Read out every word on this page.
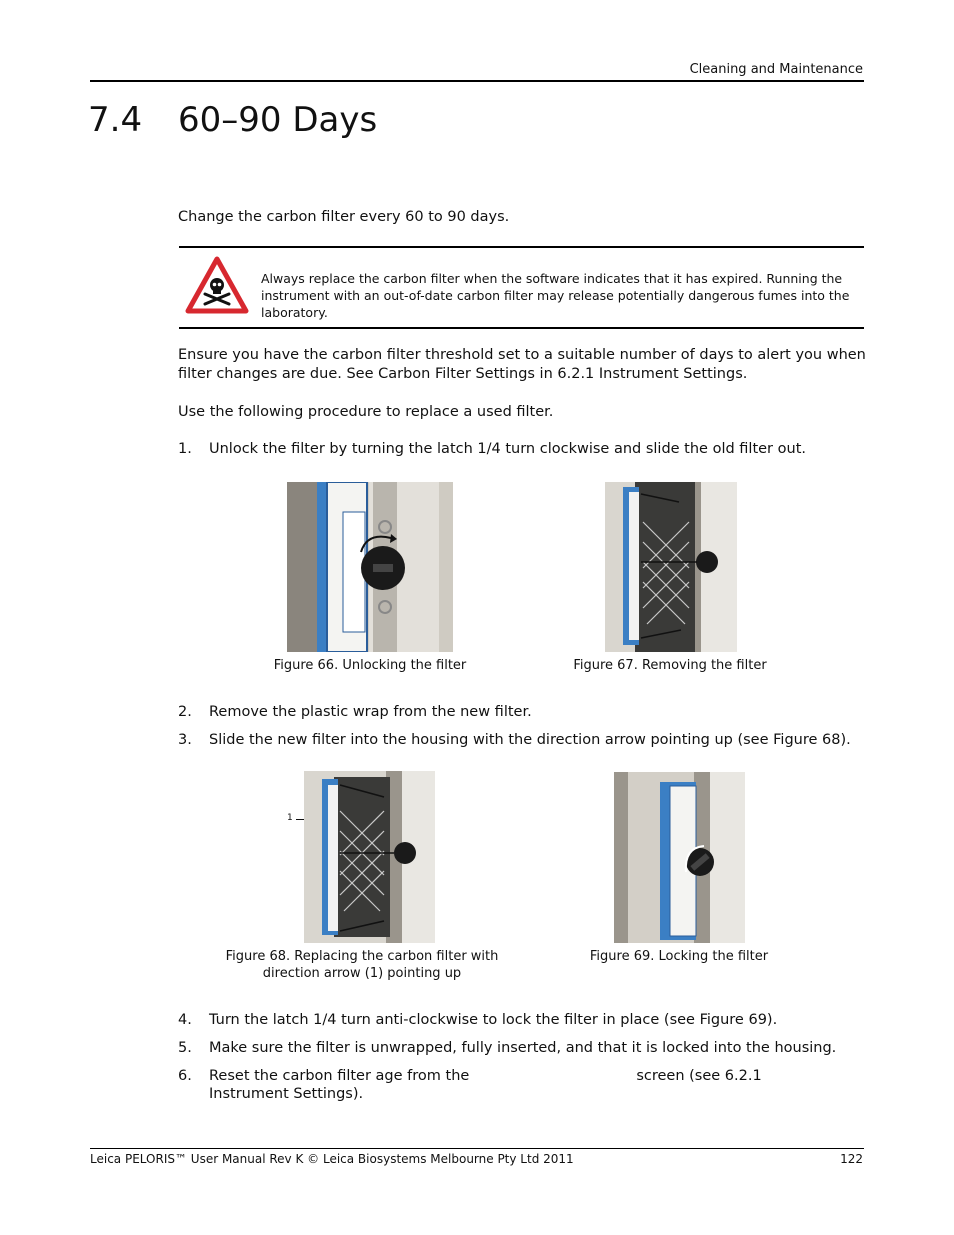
Cleaning and Maintenance
7.4 60–90 Days
Change the carbon filter every 60 to 90 days.
Always replace the carbon filter when the software indicates that it has expired. Running the instrument with an out-of-date carbon filter may release potentially dangerous fumes into the laboratory.
Ensure you have the carbon filter threshold set to a suitable number of days to alert you when filter changes are due. See Carbon Filter Settings in 6.2.1 Instrument Settings.
Use the following procedure to replace a used filter.
1.	Unlock the filter by turning the latch 1/4 turn clockwise and slide the old filter out.
Figure 66. Unlocking the filter	Figure 67. Removing the filter
2.	Remove the plastic wrap from the new filter.
3.	Slide the new filter into the housing with the direction arrow pointing up (see Figure 68).
1
Figure 68. Replacing the carbon filter with
direction arrow (1) pointing up
Figure 69. Locking the filter
4.	Turn the latch 1/4 turn anti-clockwise to lock the filter in place (see Figure 69).
5.	Make sure the filter is unwrapped, fully inserted, and that it is locked into the housing.
6.	Reset the carbon filter age from the	screen (see 6.2.1 Instrument Settings).
Leica PELORIS™ User Manual Rev K © Leica Biosystems Melbourne Pty Ltd 2011	122
